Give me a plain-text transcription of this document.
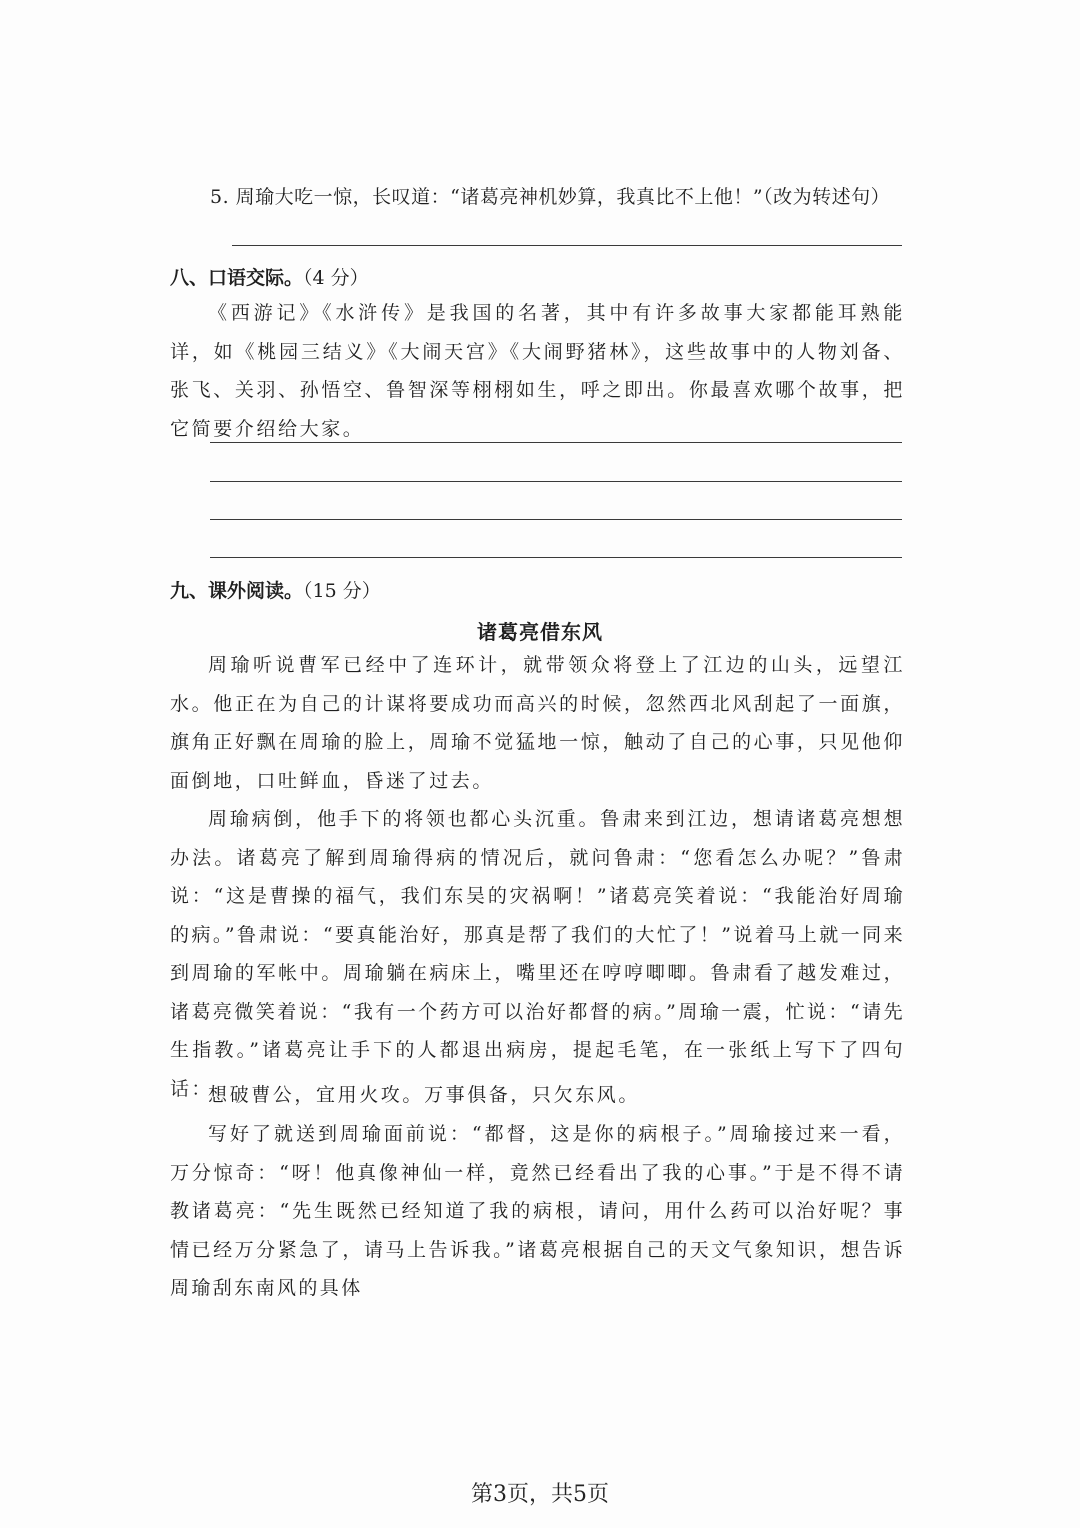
5. 周瑜大吃一惊，长叹道：“诸葛亮神机妙算，我真比不上他！”（改为转述句）
八、口语交际。（4 分）

《西游记》《水浒传》是我国的名著，其中有许多故事大家都能耳熟能详，如《桃园三结义》《大闹天宫》《大闹野猪林》，这些故事中的人物刘备、张飞、关羽、孙悟空、鲁智深等栩栩如生，呼之即出。你最喜欢哪个故事，把它简要介绍给大家。

九、课外阅读。（15 分）
诸葛亮借东风

周瑜听说曹军已经中了连环计，就带领众将登上了江边的山头，远望江水。他正在为自己的计谋将要成功而高兴的时候，忽然西北风刮起了一面旗，旗角正好飘在周瑜的脸上，周瑜不觉猛地一惊，触动了自己的心事，只见他仰面倒地，口吐鲜血，昏迷了过去。

周瑜病倒，他手下的将领也都心头沉重。鲁肃来到江边，想请诸葛亮想想办法。诸葛亮了解到周瑜得病的情况后，就问鲁肃：“您看怎么办呢？”鲁肃说：“这是曹操的福气，我们东吴的灾祸啊！”诸葛亮笑着说：“我能治好周瑜的病。”鲁肃说：“要真能治好，那真是帮了我们的大忙了！”说着马上就一同来到周瑜的军帐中。周瑜躺在病床上，嘴里还在哼哼唧唧。鲁肃看了越发难过，诸葛亮微笑着说：“我有一个药方可以治好都督的病。”周瑜一震，忙说：“请先生指教。”诸葛亮让手下的人都退出病房，提起毛笔，在一张纸上写下了四句话：

想破曹公，宜用火攻。万事俱备，只欠东风。

写好了就送到周瑜面前说：“都督，这是你的病根子。”周瑜接过来一看，万分惊奇：“呀！他真像神仙一样，竟然已经看出了我的心事。”于是不得不请教诸葛亮：“先生既然已经知道了我的病根，请问，用什么药可以治好呢？事情已经万分紧急了，请马上告诉我。”诸葛亮根据自己的天文气象知识，想告诉周瑜刮东南风的具体

第3页，共5页
